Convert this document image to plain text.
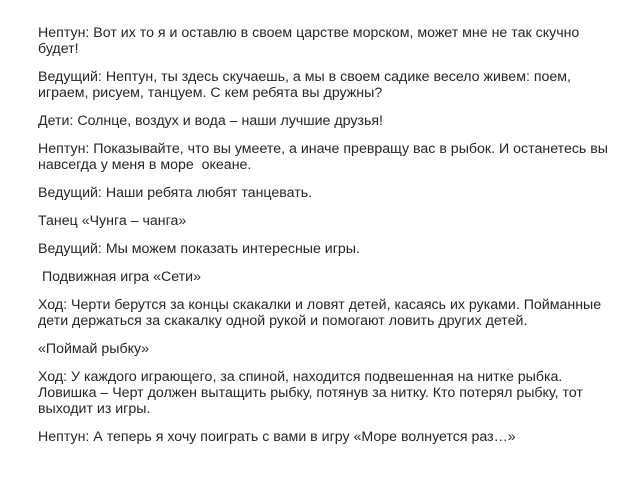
Нептун: Вот их то я и оставлю в своем царстве морском, может мне не так скучно будет!

Ведущий: Нептун, ты здесь скучаешь, а мы в своем садике весело живем: поем, играем, рисуем, танцуем. С кем ребята вы дружны?

Дети: Солнце, воздух и вода – наши лучшие друзья!

Нептун: Показывайте, что вы умеете, а иначе превращу вас в рыбок. И останетесь вы навсегда у меня в море  океане.

Ведущий: Наши ребята любят танцевать.

Танец «Чунга – чанга»

Ведущий: Мы можем показать интересные игры.

Подвижная игра «Сети»

Ход: Черти берутся за концы скакалки и ловят детей, касаясь их руками. Пойманные дети держаться за скакалку одной рукой и помогают ловить других детей.

«Поймай рыбку»

Ход: У каждого играющего, за спиной, находится подвешенная на нитке рыбка. Ловишка – Черт должен вытащить рыбку, потянув за нитку. Кто потерял рыбку, тот выходит из игры.

Нептун: А теперь я хочу поиграть с вами в игру «Море волнуется раз…»
